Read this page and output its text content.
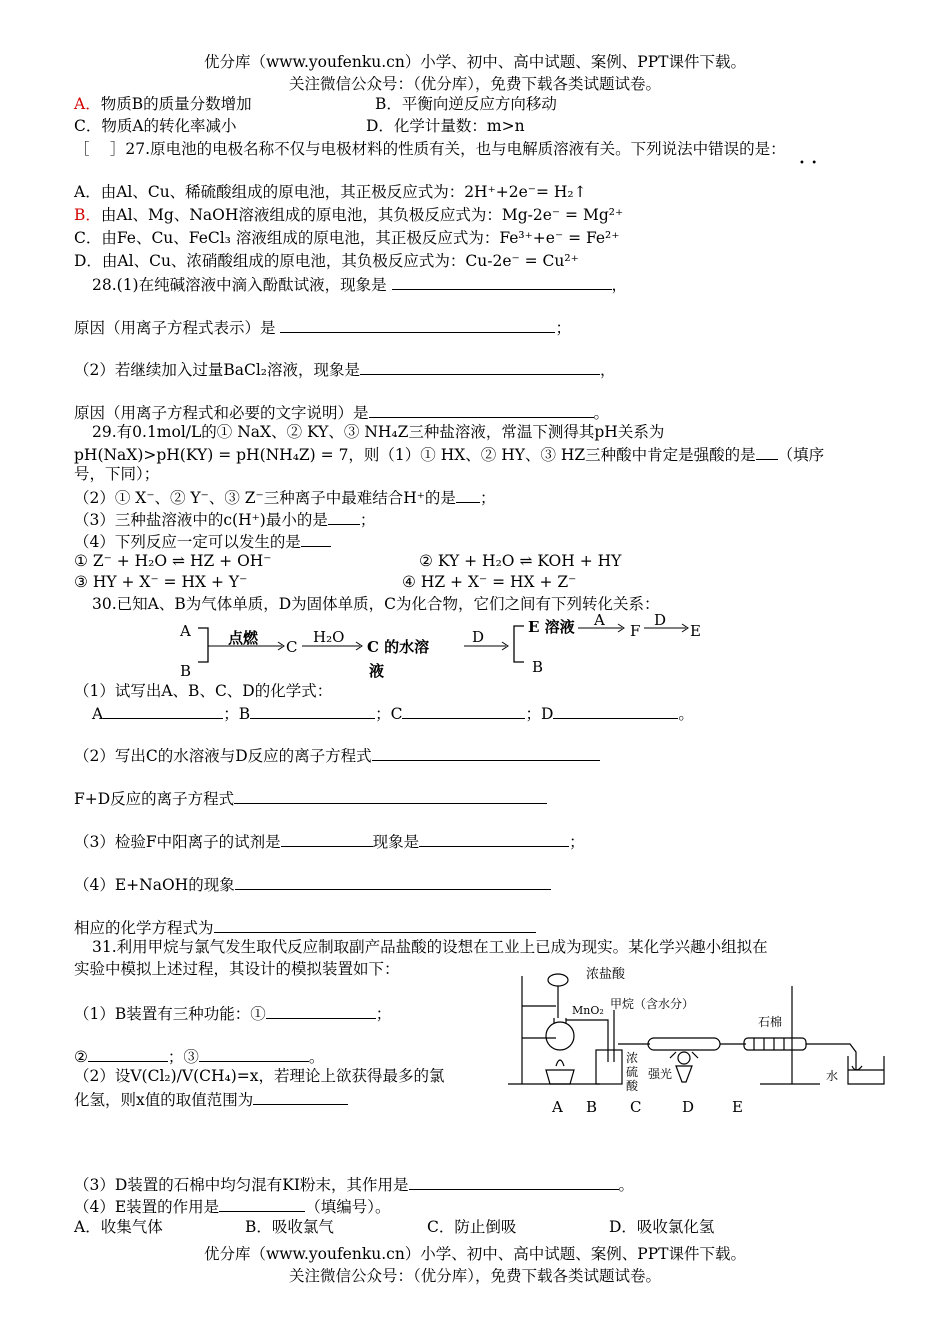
优分库（www.youfenku.cn）小学、初中、高中试题、案例、PPT课件下载。
关注微信公众号：（优分库），免费下载各类试题试卷。
A．物质B的质量分数增加	B．平衡向逆反应方向移动
C．物质A的转化率减小	D．化学计量数：m>n
［　 ］27.原电池的电极名称不仅与电极材料的性质有关，也与电解质溶液有关。下列说法中错误的是：
•  •
A．由Al、Cu、稀硫酸组成的原电池，其正极反应式为：2H⁺+2e⁻= H₂↑
B．由Al、Mg、NaOH溶液组成的原电池，其负极反应式为：Mg-2e⁻ = Mg²⁺
C．由Fe、Cu、FeCl₃ 溶液组成的原电池，其正极反应式为：Fe³⁺+e⁻ = Fe²⁺
D．由Al、Cu、浓硝酸组成的原电池，其负极反应式为：Cu-2e⁻ = Cu²⁺
28.(1)在纯碱溶液中滴入酚酞试液，现象是	，
原因（用离子方程式表示）是	；
（2）若继续加入过量BaCl₂溶液，现象是	，
原因（用离子方程式和必要的文字说明）是	。
29.有0.1mol/L的① NaX、② KY、③ NH₄Z三种盐溶液，常温下测得其pH关系为
pH(NaX)>pH(KY) = pH(NH₄Z) = 7，则（1）① HX、② HY、③ HZ三种酸中肯定是强酸的是 （填序
号，下同）；
（2）① X⁻、② Y⁻、③ Z⁻三种离子中最难结合H⁺的是 ；
（3）三种盐溶液中的c(H⁺)最小的是 ；
（4）下列反应一定可以发生的是
① Z⁻ + H₂O ⇌ HZ + OH⁻	② KY + H₂O ⇌ KOH + HY
③ HY + X⁻ = HX + Y⁻	④ HZ + X⁻ = HX + Z⁻
30.已知A、B为气体单质，D为固体单质，C为化合物，它们之间有下列转化关系：
A
B
点燃 C
H₂O
C 的水溶
液
D
E 溶液 A
F
D
E
B
（1）试写出A、B、C、D的化学式：
A	；B	；C	；D	。
（2）写出C的水溶液与D反应的离子方程式
F+D反应的离子方程式
（3）检验F中阳离子的试剂是	现象是	；
（4）E+NaOH的现象
相应的化学方程式为
31.利用甲烷与氯气发生取代反应制取副产品盐酸的设想在工业上已成为现实。某化学兴趣小组拟在
实验中模拟上述过程，其设计的模拟装置如下：
（1）B装置有三种功能：①	；
②	；③	。
（2）设V(Cl₂)/V(CH₄)=x，若理论上欲获得最多的氯
化氢，则x值的取值范围为
浓盐酸
MnO₂ 甲烷（含水分）
石棉
浓
硫
酸
强光	水
A B C	D	E
（3）D装置的石棉中均匀混有KI粉末，其作用是	。
（4）E装置的作用是	（填编号）。
A．收集气体	B．吸收氯气	C．防止倒吸	D．吸收氯化氢
优分库（www.youfenku.cn）小学、初中、高中试题、案例、PPT课件下载。
关注微信公众号：（优分库），免费下载各类试题试卷。
